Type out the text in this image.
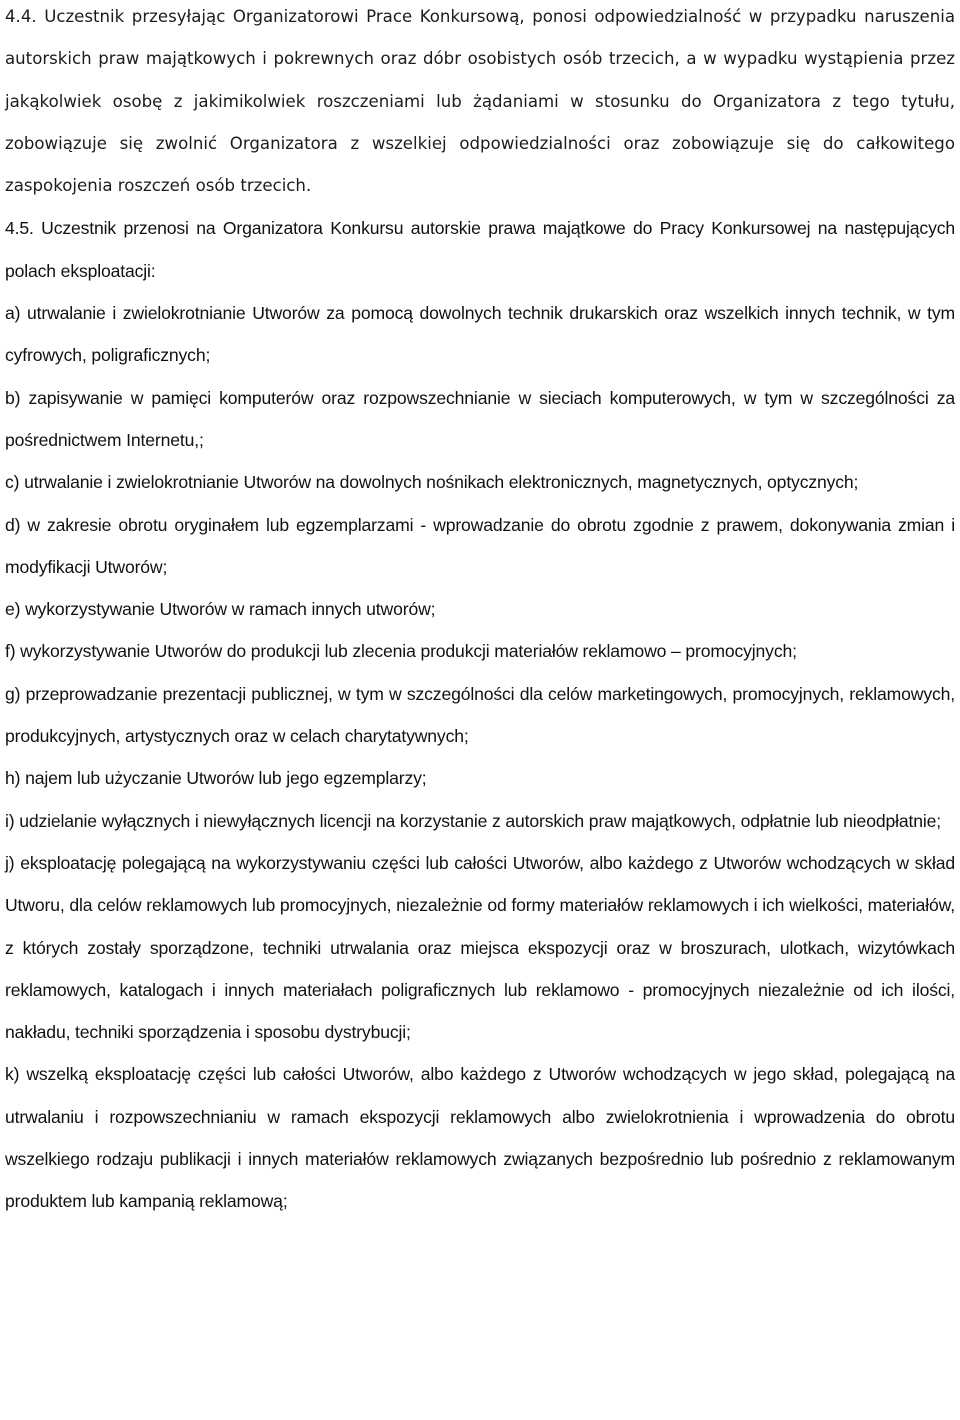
4.4. Uczestnik przesyłając Organizatorowi Prace Konkursową, ponosi odpowiedzialność w przypadku naruszenia autorskich praw majątkowych i pokrewnych oraz dóbr osobistych osób trzecich, a w wypadku wystąpienia przez jakąkolwiek osobę z jakimikolwiek roszczeniami lub żądaniami w stosunku do Organizatora z tego tytułu, zobowiązuje się zwolnić Organizatora z wszelkiej odpowiedzialności oraz zobowiązuje się do całkowitego zaspokojenia roszczeń osób trzecich.

4.5. Uczestnik przenosi na Organizatora Konkursu autorskie prawa majątkowe do Pracy Konkursowej na następujących polach eksploatacji:

a) utrwalanie i zwielokrotnianie Utworów za pomocą dowolnych technik drukarskich oraz wszelkich innych technik, w tym cyfrowych, poligraficznych;

b) zapisywanie w pamięci komputerów oraz rozpowszechnianie w sieciach komputerowych, w tym w szczególności za pośrednictwem Internetu,;

c) utrwalanie i zwielokrotnianie Utworów na dowolnych nośnikach elektronicznych, magnetycznych, optycznych;

d) w zakresie obrotu oryginałem lub egzemplarzami - wprowadzanie do obrotu zgodnie z prawem, dokonywania zmian i modyfikacji Utworów;

e) wykorzystywanie Utworów w ramach innych utworów;

f) wykorzystywanie Utworów do produkcji lub zlecenia produkcji materiałów reklamowo – promocyjnych;

g) przeprowadzanie prezentacji publicznej, w tym w szczególności dla celów marketingowych, promocyjnych, reklamowych, produkcyjnych, artystycznych oraz w celach charytatywnych;

h) najem lub użyczanie Utworów lub jego egzemplarzy;

i) udzielanie wyłącznych i niewyłącznych licencji na korzystanie z autorskich praw majątkowych, odpłatnie lub nieodpłatnie;

j) eksploatację polegającą na wykorzystywaniu części lub całości Utworów, albo każdego z Utworów wchodzących w skład Utworu, dla celów reklamowych lub promocyjnych, niezależnie od formy materiałów reklamowych i ich wielkości, materiałów, z których zostały sporządzone, techniki utrwalania oraz miejsca ekspozycji oraz w broszurach, ulotkach, wizytówkach reklamowych, katalogach i innych materiałach poligraficznych lub reklamowo - promocyjnych niezależnie od ich ilości, nakładu, techniki sporządzenia i sposobu dystrybucji;

k) wszelką eksploatację części lub całości Utworów, albo każdego z Utworów wchodzących w jego skład, polegającą na utrwalaniu i rozpowszechnianiu w ramach ekspozycji reklamowych albo zwielokrotnienia i wprowadzenia do obrotu wszelkiego rodzaju publikacji i innych materiałów reklamowych związanych bezpośrednio lub pośrednio z reklamowanym produktem lub kampanią reklamową;
